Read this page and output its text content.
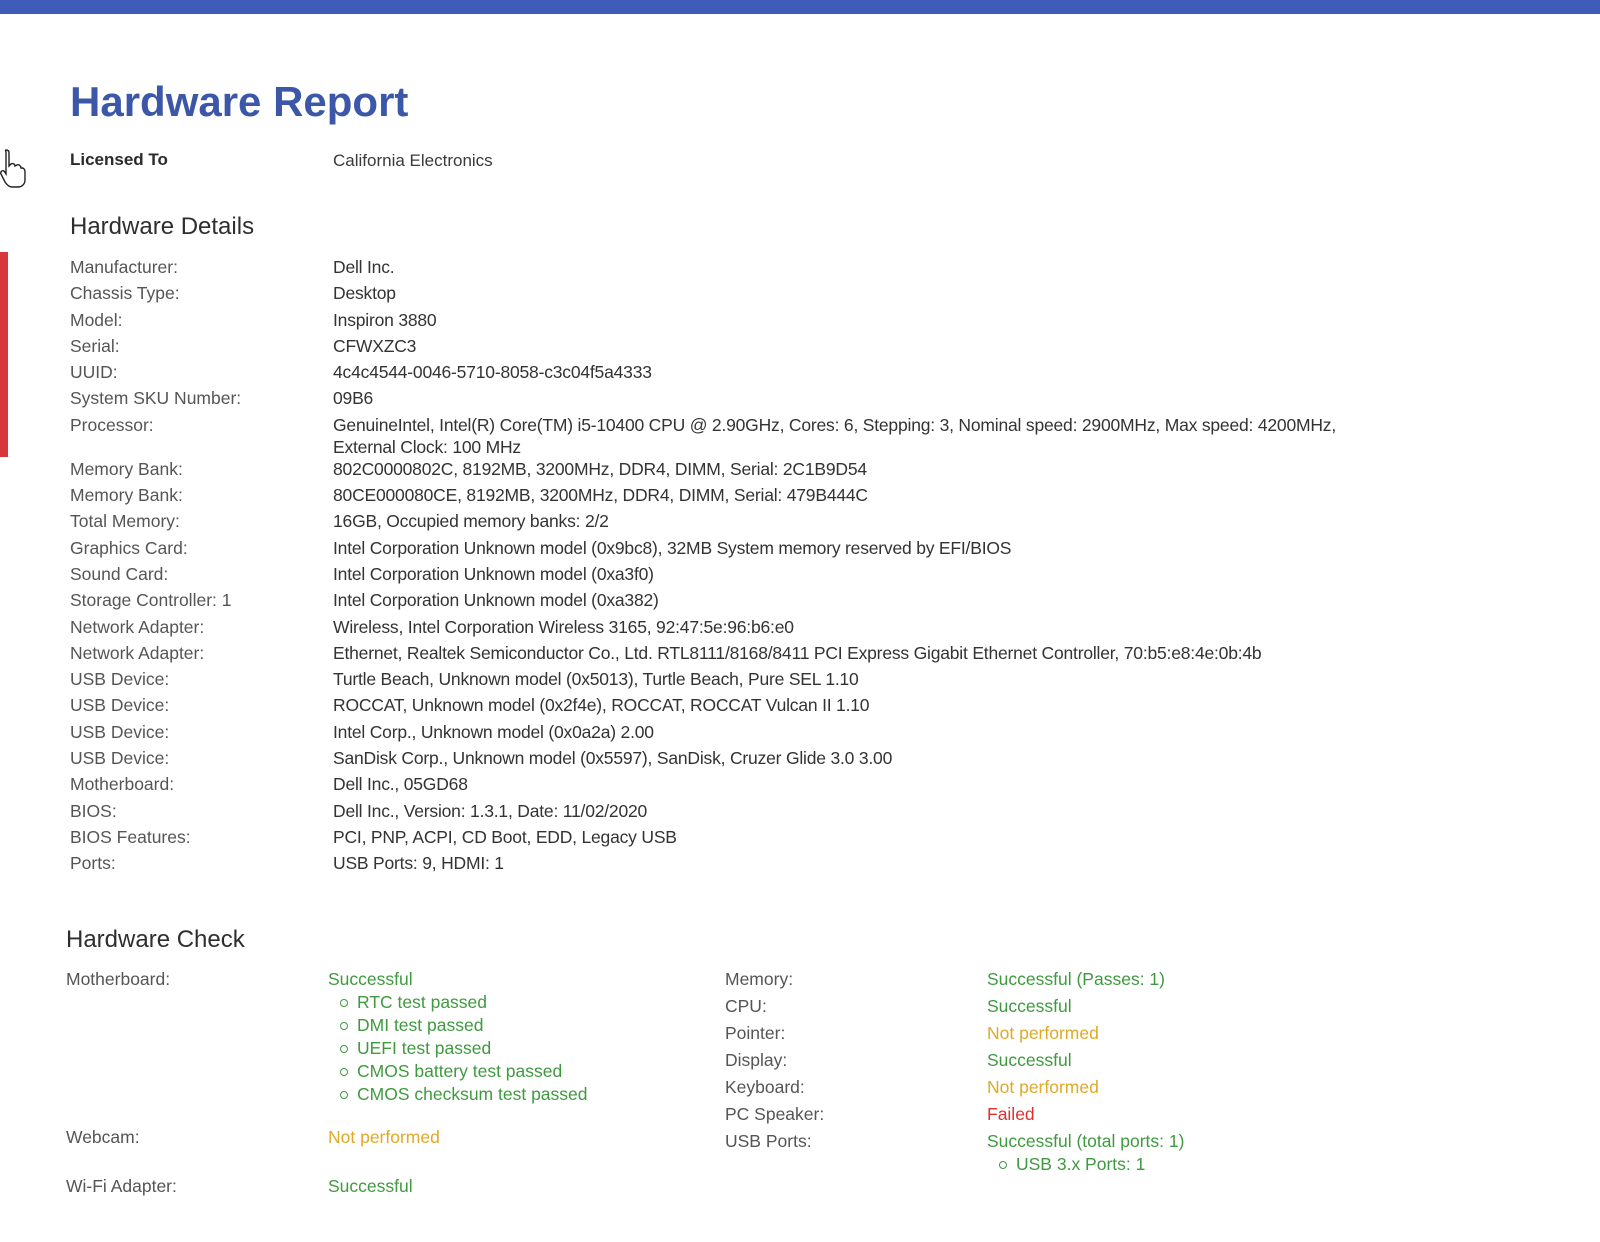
Hardware Report
Licensed To	California Electronics
Hardware Details
Manufacturer:	Dell Inc.
Chassis Type:	Desktop
Model:	Inspiron 3880
Serial:	CFWXZC3
UUID:	4c4c4544-0046-5710-8058-c3c04f5a4333
System SKU Number:	09B6
Processor:	GenuineIntel, Intel(R) Core(TM) i5-10400 CPU @ 2.90GHz, Cores: 6, Stepping: 3, Nominal speed: 2900MHz, Max speed: 4200MHz, External Clock: 100 MHz
Memory Bank:	802C0000802C, 8192MB, 3200MHz, DDR4, DIMM, Serial: 2C1B9D54
Memory Bank:	80CE000080CE, 8192MB, 3200MHz, DDR4, DIMM, Serial: 479B444C
Total Memory:	16GB, Occupied memory banks: 2/2
Graphics Card:	Intel Corporation Unknown model (0x9bc8), 32MB System memory reserved by EFI/BIOS
Sound Card:	Intel Corporation Unknown model (0xa3f0)
Storage Controller: 1	Intel Corporation Unknown model (0xa382)
Network Adapter:	Wireless, Intel Corporation Wireless 3165, 92:47:5e:96:b6:e0
Network Adapter:	Ethernet, Realtek Semiconductor Co., Ltd. RTL8111/8168/8411 PCI Express Gigabit Ethernet Controller, 70:b5:e8:4e:0b:4b
USB Device:	Turtle Beach, Unknown model (0x5013), Turtle Beach, Pure SEL 1.10
USB Device:	ROCCAT, Unknown model (0x2f4e), ROCCAT, ROCCAT Vulcan II 1.10
USB Device:	Intel Corp., Unknown model (0x0a2a) 2.00
USB Device:	SanDisk Corp., Unknown model (0x5597), SanDisk, Cruzer Glide 3.0 3.00
Motherboard:	Dell Inc., 05GD68
BIOS:	Dell Inc., Version: 1.3.1, Date: 11/02/2020
BIOS Features:	PCI, PNP, ACPI, CD Boot, EDD, Legacy USB
Ports:	USB Ports: 9, HDMI: 1
Hardware Check
Motherboard:	Successful
RTC test passed
DMI test passed
UEFI test passed
CMOS battery test passed
CMOS checksum test passed
Webcam:	Not performed
Wi-Fi Adapter:	Successful
Memory:	Successful (Passes: 1)
CPU:	Successful
Pointer:	Not performed
Display:	Successful
Keyboard:	Not performed
PC Speaker:	Failed
USB Ports:	Successful (total ports: 1)
USB 3.x Ports: 1
